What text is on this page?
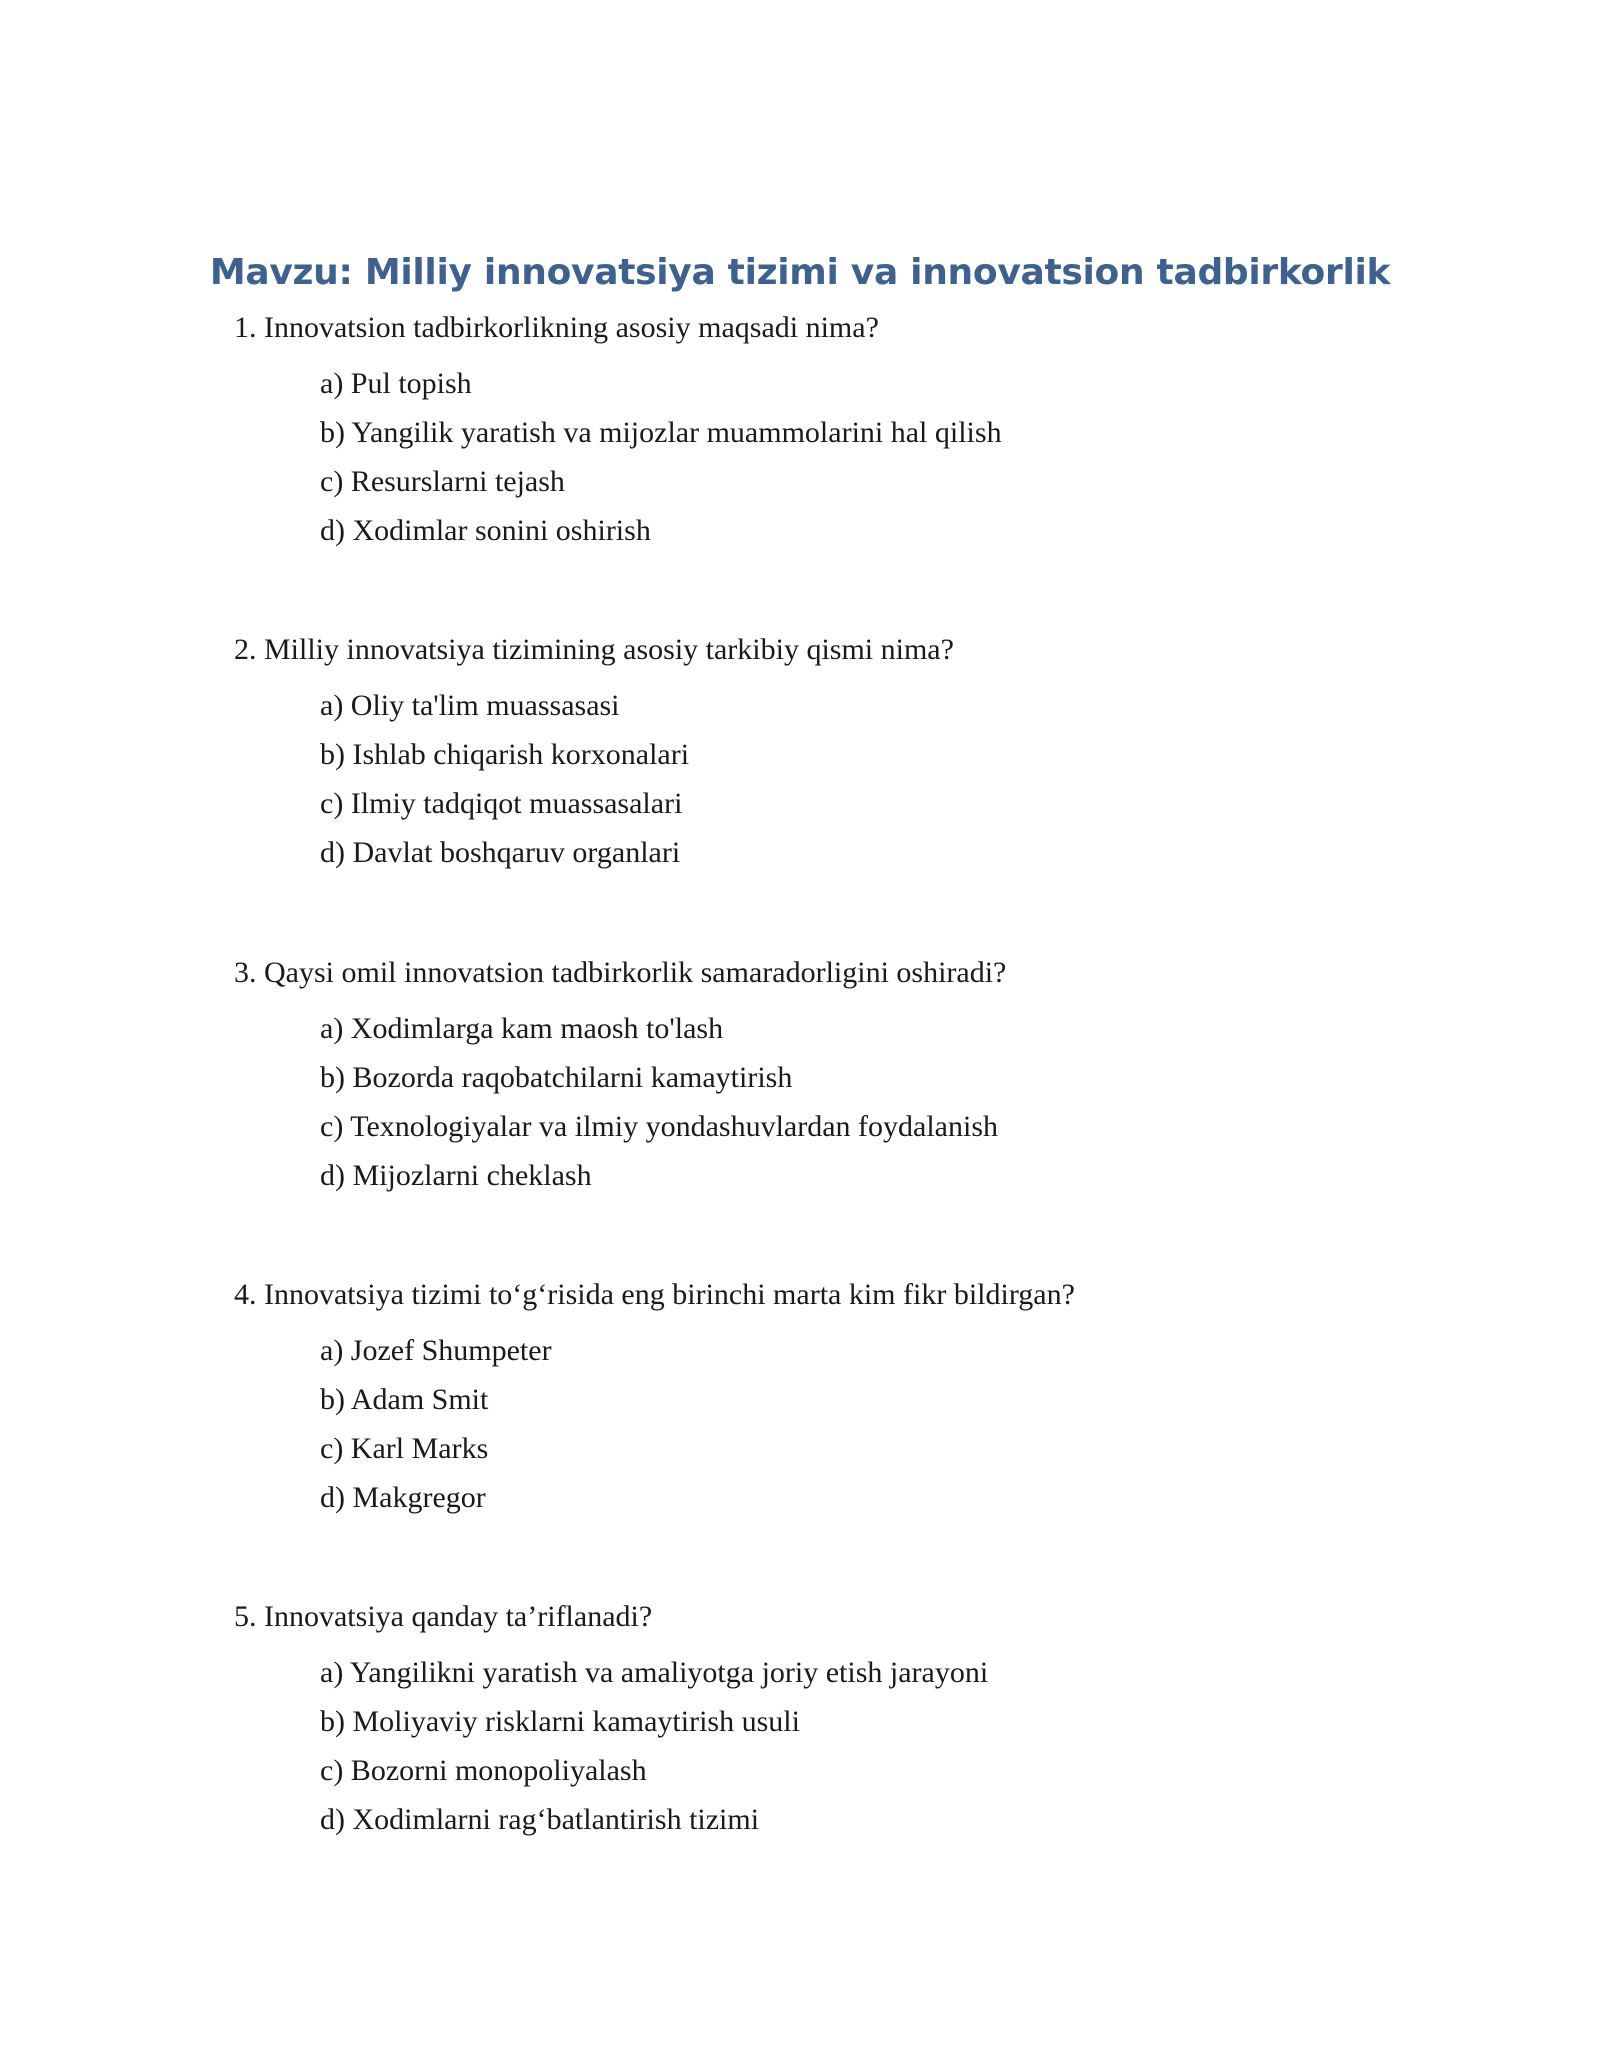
Mavzu: Milliy innovatsiya tizimi va innovatsion tadbirkorlik

1. Innovatsion tadbirkorlikning asosiy maqsadi nima?

a) Pul topish
b) Yangilik yaratish va mijozlar muammolarini hal qilish
c) Resurslarni tejash
d) Xodimlar sonini oshirish

2. Milliy innovatsiya tizimining asosiy tarkibiy qismi nima?

a) Oliy ta'lim muassasasi
b) Ishlab chiqarish korxonalari
c) Ilmiy tadqiqot muassasalari
d) Davlat boshqaruv organlari

3. Qaysi omil innovatsion tadbirkorlik samaradorligini oshiradi?

a) Xodimlarga kam maosh to'lash
b) Bozorda raqobatchilarni kamaytirish
c) Texnologiyalar va ilmiy yondashuvlardan foydalanish
d) Mijozlarni cheklash

4. Innovatsiya tizimi to‘g‘risida eng birinchi marta kim fikr bildirgan?

a) Jozef Shumpeter
b) Adam Smit
c) Karl Marks
d) Makgregor

5. Innovatsiya qanday ta’riflanadi?

a) Yangilikni yaratish va amaliyotga joriy etish jarayoni
b) Moliyaviy risklarni kamaytirish usuli
c) Bozorni monopoliyalash
d) Xodimlarni rag‘batlantirish tizimi
